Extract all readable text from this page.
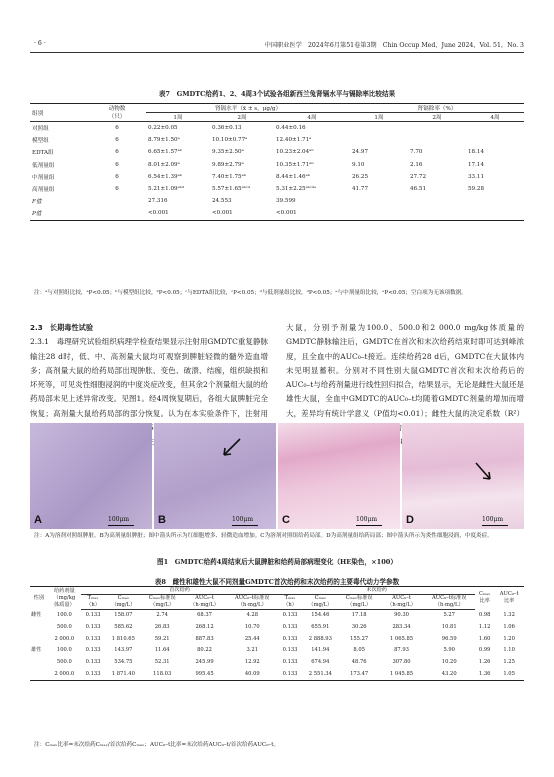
· 6 ·	中国职业医学　2024年6月第51卷第3期　Chin Occup Med，June 2024，Vol. 51，No. 3
表7　GMDTC给药1、2、4周3个试验各组新西兰兔肾镉水平与镉除率比较结果
组别	动物数
（只）	肾镉水平（x̄ ± s，μg/g）			肾镉除率（%）		
		1周	2周	4周	1周	2周	4周
对照组	6	0.22±0.05	0.36±0.13	0.44±0.16			
模型组	6	8.79±1.50ᵃ	10.10±0.77ᵃ	12.40±1.71ᵃ			
EDTA组	6	6.65±1.57ᵃᵇ	9.35±2.50ᵃ	10.23±2.04ᵃᵇ	24.97	7.70	18.14
低剂量组	6	8.01±2.09ᵃ	9.89±2.79ᵃ	10.35±1.71ᵃᵇ	9.10	2.16	17.14
中剂量组	6	6.54±1.39ᵃᵇ	7.40±1.75ᵃᵇ	8.44±1.46ᵃᵇ	26.25	27.72	33.11
高剂量组	6	5.21±1.09ᵃᵇᵈ	5.57±1.65ᵃᵇᶜᵈ	5.31±2.25ᵃᵇᶜᵈᵉ	41.77	46.51	59.28
F值		27.316	24.553	39.599			
P值		<0.001	<0.001	<0.001			
注：ᵃ与对照组比较，ᵃP<0.05；ᵇ与模型组比较，ᵇP<0.05；ᶜ与EDTA组比较，ᶜP<0.05；ᵈ与低剂量组比较，ᵈP<0.05；ᵉ与中剂量组比较，ᵉP<0.05；空白项为无该项数据。
2.3　长期毒性试验
2.3.1　毒理研究试验组织病理学检查结果显示注射用GMDTC重复静脉输注28 d时，低、中、高剂量大鼠均可观察到脾脏轻微的髓外造血增多；高剂量大鼠的给药局部出现肿胀、变色、破溃、结痂，组织缺损和坏死等，可见炎性细胞浸润的中度炎症改变，但其余2个剂量组大鼠的给药局部未见上述异常改变。见图1。经4周恢复期后，各组大鼠脾脏完全恢复；高剂量大鼠给药局部的部分恢复。认为在本实验条件下，注射用
大鼠，分别予剂量为100.0、500.0和2 000.0 mg/kg体质量的GMDTC静脉输注后，GMDTC在首次和末次给药结束时即可达到峰浓度，且全血中的AUC₀–t接近。连续给药28 d后，GMDTC在大鼠体内未见明显蓄积。分别对不同性别大鼠GMDTC首次和末次给药后的AUC₀–t与给药剂量进行线性回归拟合，结果显示，无论是雌性大鼠还是雄性大鼠，全血中GMDTC的AUC₀–t均随着GMDTC剂量的增加而增大，差异均有统计学意义（P值均<0.01）；雌性大鼠的决定系数（R²）
A	100μm	B	100μm	C	100μm	D	100μm
注：A为溶剂对照组脾脏。B为高剂量组脾脏；图中箭头所示为红细胞增多、轻微造血增加。C为溶剂对照组给药局部。D为高剂量组给药局部；图中箭头所示为炎性细胞浸润，中度炎症。
图1　GMDTC给药4周结束后大鼠脾脏和给药局部病理变化（HE染色，×100）
表8　雌性和雄性大鼠不同剂量GMDTC首次给药和末次给药的主要毒代动力学参数
性别	给药剂量
（mg/kg
体质量）	首次给药					末次给药					Cₘₐₓ
比率	AUC₀–t
比率
		Tₘₐₓ	Cₘₐₓ	Cₘₐₓ标准误	AUC₀–t	AUC₀–t标准误	Tₘₐₓ	Cₘₐₓ	Cₘₐₓ标准误	AUC₀–t	AUC₀–t标准误		
		（h）	（mg/L）	（mg/L）	（h·mg/L）	（h·mg/L）	（h）	（mg/L）	（mg/L）	（h·mg/L）	（h·mg/L）		
雌性	100.0	0.133	158.07	2.74	68.37	4.28	0.133	154.46	17.18	90.30	5.27	0.98	1.32
	500.0	0.133	585.62	26.83	268.12	10.70	0.133	655.91	30.26	283.34	10.81	1.12	1.06
	2 000.0	0.133	1 810.65	59.21	887.83	25.44	0.133	2 888.93	155.27	1 065.85	96.59	1.60	1.20
雄性	100.0	0.133	143.97	11.64	80.22	3.21	0.133	141.94	8.05	87.93	5.90	0.99	1.10
	500.0	0.133	534.75	52.31	245.99	12.92	0.133	674.94	48.76	307.80	10.20	1.26	1.25
	2 000.0	0.133	1 871.40	118.03	995.45	40.09	0.133	2 551.34	173.47	1 045.85	43.20	1.36	1.05
注：Cₘₐₓ比率=末次给药Cₘₐₓ/首次给药Cₘₐₓ；AUC₀–t比率=末次给药AUC₀–t/首次给药AUC₀–t。
